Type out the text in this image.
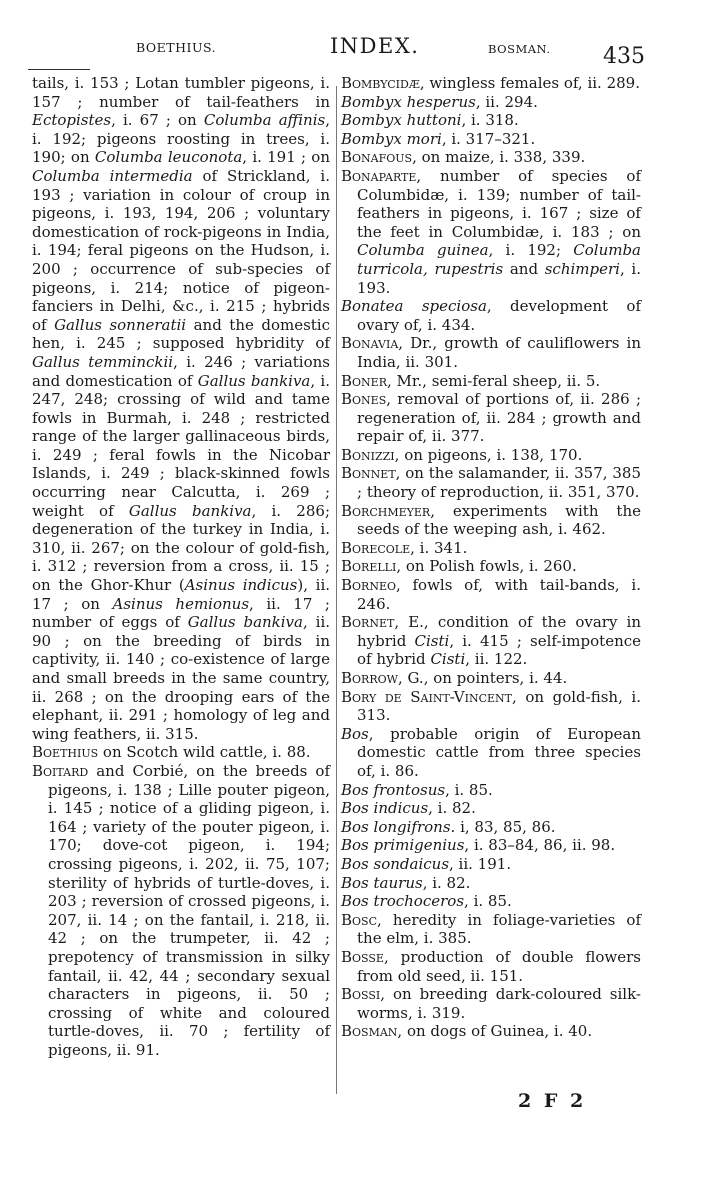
BOETHIUS.	INDEX.	BOSMAN. 435

tails, i. 153 ; Lotan tumbler pigeons, i. 157 ; number of tail-feathers in Ectopistes, i. 67 ; on Columba affinis, i. 192; pigeons roosting in trees, i. 190; on Columba leuconota, i. 191 ; on Columba intermedia of Strickland, i. 193 ; variation in colour of croup in pigeons, i. 193, 194, 206 ; voluntary domestication of rock-pigeons in India, i. 194; feral pigeons on the Hudson, i. 200 ; occurrence of sub-species of pigeons, i. 214; notice of pigeon-fanciers in Delhi, &c., i. 215 ; hybrids of Gallus sonneratii and the domestic hen, i. 245 ; supposed hybridity of Gallus temminckii, i. 246 ; variations and domestication of Gallus bankiva, i. 247, 248; crossing of wild and tame fowls in Burmah, i. 248 ; restricted range of the larger gallinaceous birds, i. 249 ; feral fowls in the Nicobar Islands, i. 249 ; black-skinned fowls occurring near Calcutta, i. 269 ; weight of Gallus bankiva, i. 286; degeneration of the turkey in India, i. 310, ii. 267; on the colour of gold-fish, i. 312 ; reversion from a cross, ii. 15 ; on the Ghor-Khur (Asinus indicus), ii. 17 ; on Asinus hemionus, ii. 17 ; number of eggs of Gallus bankiva, ii. 90 ; on the breeding of birds in captivity, ii. 140 ; co-existence of large and small breeds in the same country, ii. 268 ; on the drooping ears of the elephant, ii. 291 ; homology of leg and wing feathers, ii. 315.

Boethius on Scotch wild cattle, i. 88.

Boitard and Corbié, on the breeds of pigeons, i. 138 ; Lille pouter pigeon, i. 145 ; notice of a gliding pigeon, i. 164 ; variety of the pouter pigeon, i. 170; dove-cot pigeon, i. 194; crossing pigeons, i. 202, ii. 75, 107; sterility of hybrids of turtle-doves, i. 203 ; reversion of crossed pigeons, i. 207, ii. 14 ; on the fantail, i. 218, ii. 42 ; on the trumpeter, ii. 42 ; prepotency of transmission in silky fantail, ii. 42, 44 ; secondary sexual characters in pigeons, ii. 50 ; crossing of white and coloured turtle-doves, ii. 70 ; fertility of pigeons, ii. 91.

Bombycidæ, wingless females of, ii. 289.

Bombyx hesperus, ii. 294.

Bombyx huttoni, i. 318.

Bombyx mori, i. 317–321.

Bonafous, on maize, i. 338, 339.

Bonaparte, number of species of Columbidæ, i. 139; number of tail-feathers in pigeons, i. 167 ; size of the feet in Columbidæ, i. 183 ; on Columba guinea, i. 192; Columba turricola, rupestris and schimperi, i. 193.

Bonatea speciosa, development of ovary of, i. 434.

Bonavia, Dr., growth of cauliflowers in India, ii. 301.

Boner, Mr., semi-feral sheep, ii. 5.

Bones, removal of portions of, ii. 286 ; regeneration of, ii. 284 ; growth and repair of, ii. 377.

Bonizzi, on pigeons, i. 138, 170.

Bonnet, on the salamander, ii. 357, 385 ; theory of reproduction, ii. 351, 370.

Borchmeyer, experiments with the seeds of the weeping ash, i. 462.

Borecole, i. 341.

Borelli, on Polish fowls, i. 260.

Borneo, fowls of, with tail-bands, i. 246.

Bornet, E., condition of the ovary in hybrid Cisti, i. 415 ; self-impotence of hybrid Cisti, ii. 122.

Borrow, G., on pointers, i. 44.

Bory de Saint-Vincent, on gold-fish, i. 313.

Bos, probable origin of European domestic cattle from three species of, i. 86.

Bos frontosus, i. 85.

Bos indicus, i. 82.

Bos longifrons. i, 83, 85, 86.

Bos primigenius, i. 83–84, 86, ii. 98.

Bos sondaicus, ii. 191.

Bos taurus, i. 82.

Bos trochoceros, i. 85.

Bosc, heredity in foliage-varieties of the elm, i. 385.

Bosse, production of double flowers from old seed, ii. 151.

Bossi, on breeding dark-coloured silk-worms, i. 319.

Bosman, on dogs of Guinea, i. 40.

2 F 2
